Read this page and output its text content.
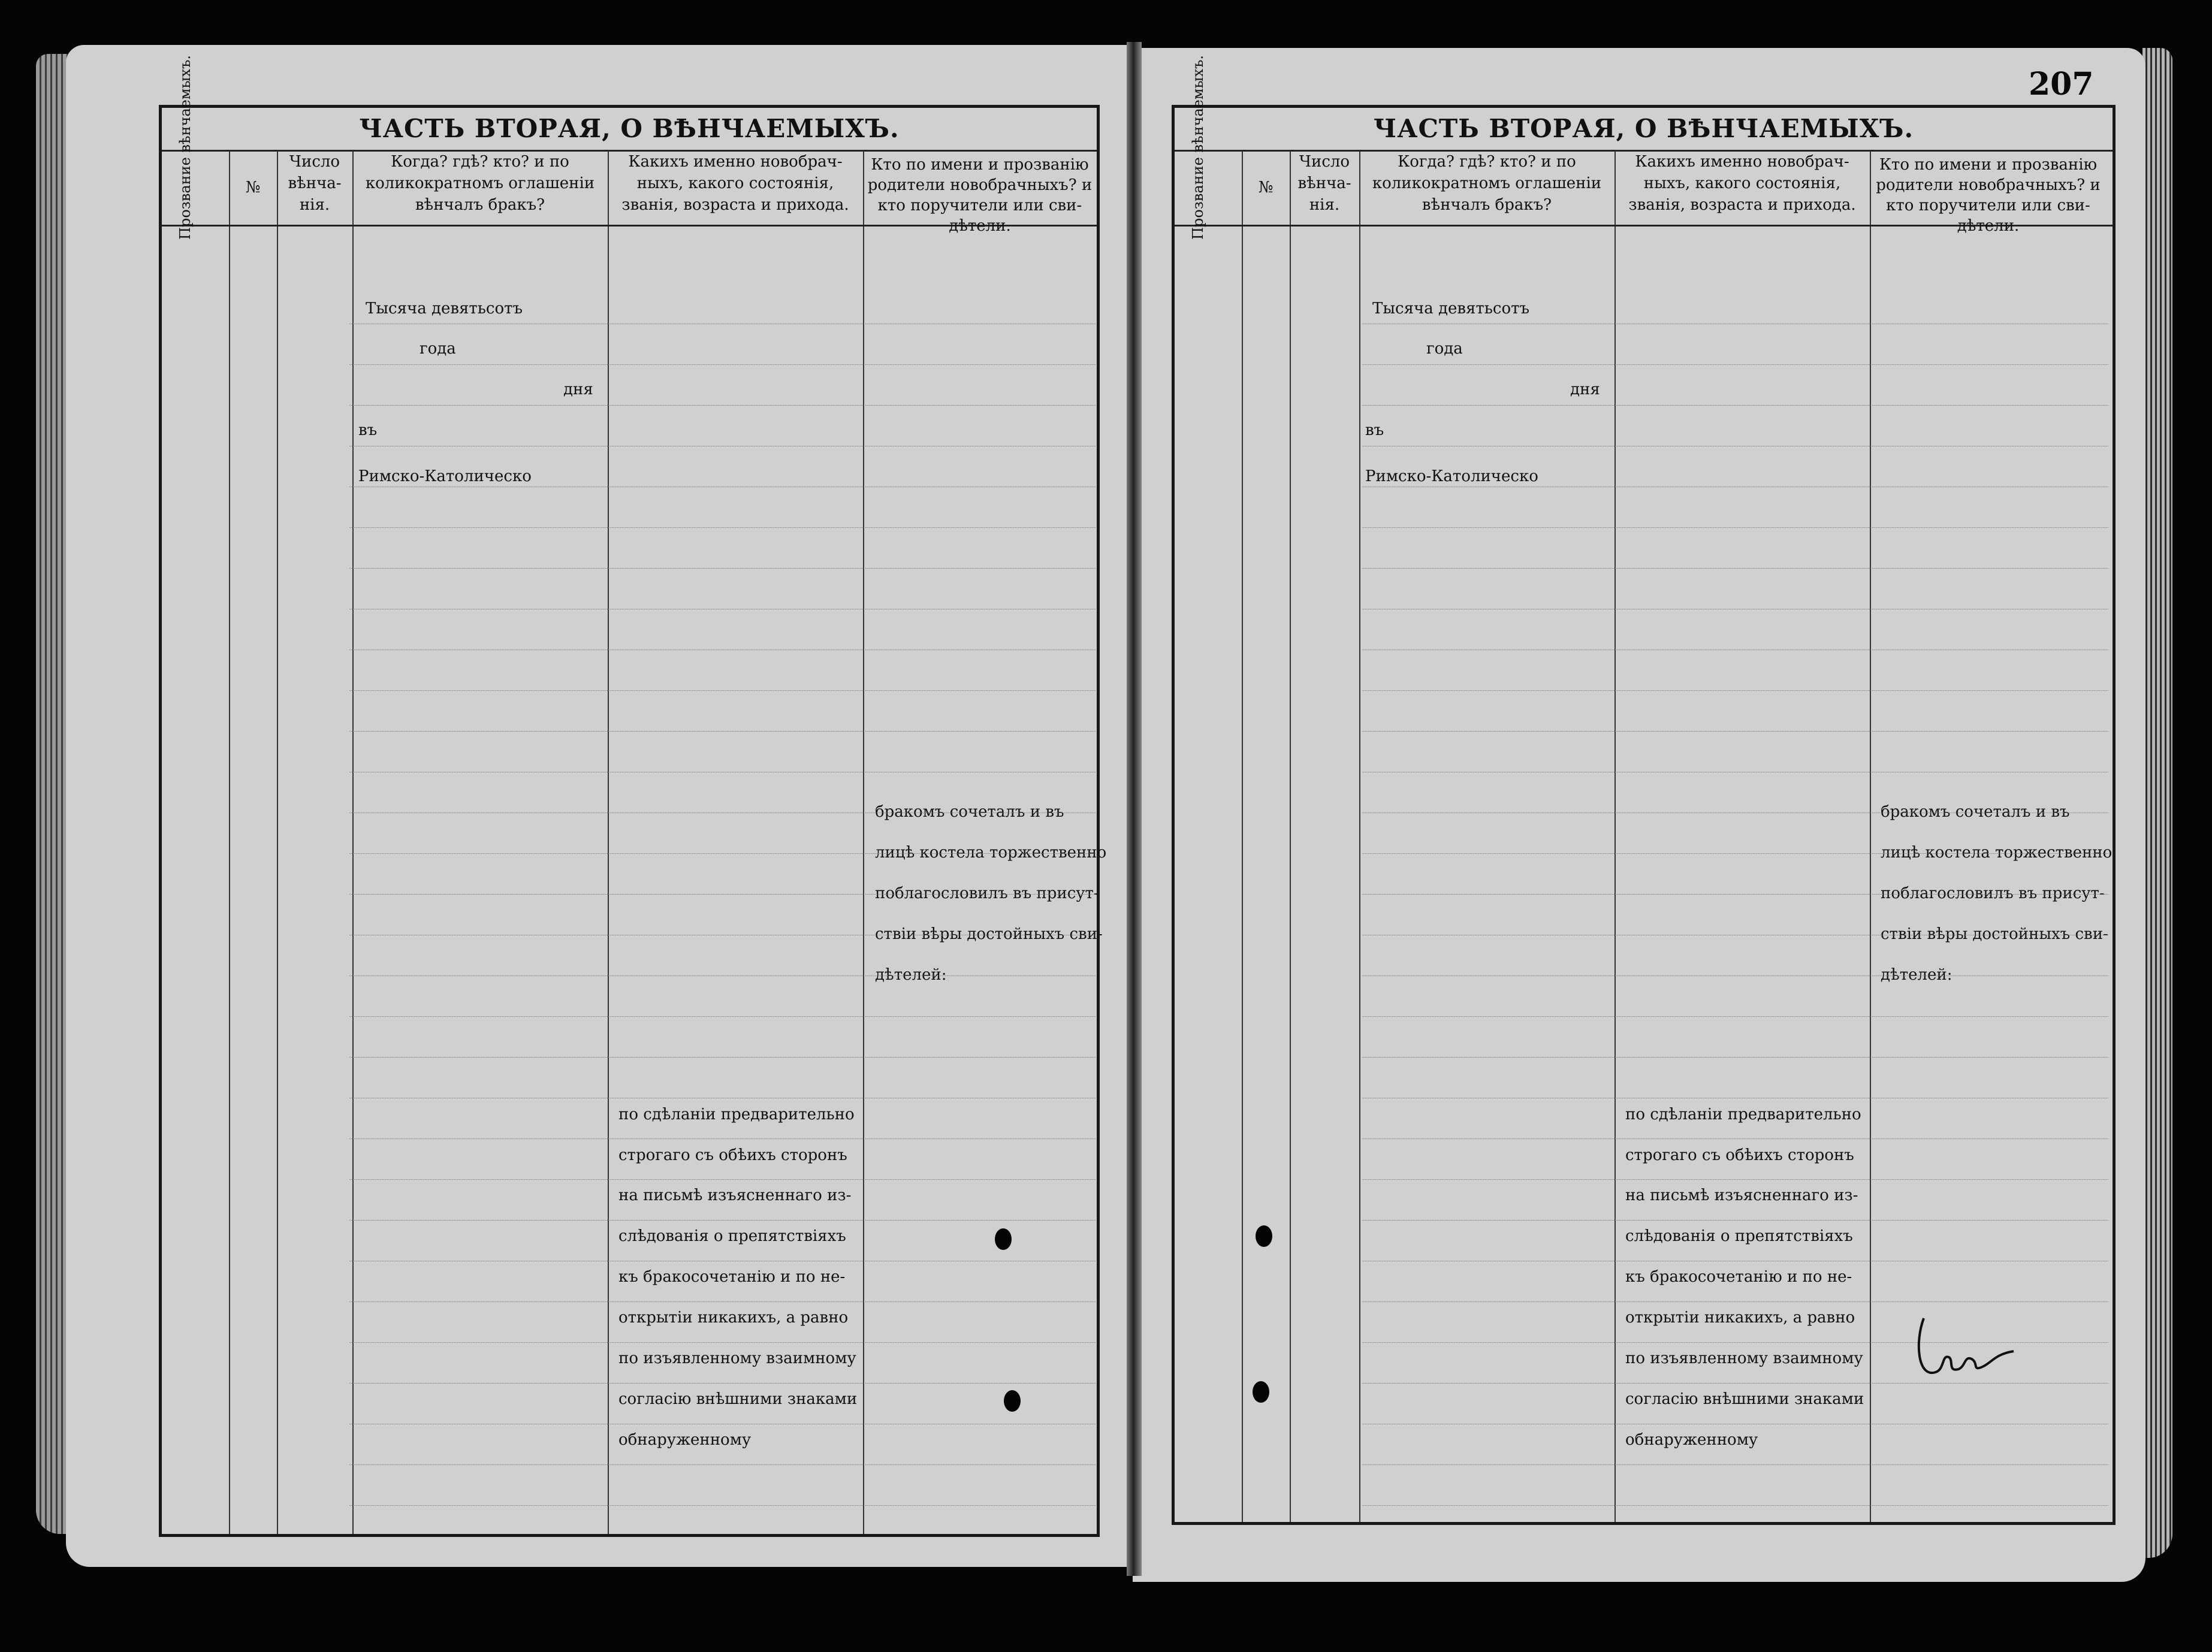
207
ЧАСТЬ ВТОРАЯ, О ВѢНЧАЕМЫХЪ.
Прозвание вѣнчаемыхъ.	№
Число
вѣнча-
нія.
Когда? гдѣ? кто? и по
коликократномъ оглашеніи
вѣнчалъ бракъ?
Какихъ именно новобрач-
ныхъ, какого состоянія,
званія, возраста и прихода.
Кто по имени и прозванію
родители новобрачныхъ? и
кто поручители или сви-
дѣтели.
Тысяча девятьсотъ
года
дня
въ
Римско-Католическо
бракомъ сочеталъ и въ
лицѣ костела торжественно
поблагословилъ въ присут-
ствіи вѣры достойныхъ сви-
дѣтелей:
по сдѣланіи предварительно
строгаго съ обѣихъ сторонъ
на письмѣ изъясненнаго из-
слѣдованія о препятствіяхъ
къ бракосочетанію и по не-
открытіи никакихъ, а равно
по изъявленному взаимному
согласію внѣшними знаками
обнаруженному
ЧАСТЬ ВТОРАЯ, О ВѢНЧАЕМЫХЪ.
Прозвание вѣнчаемыхъ.	№
Число
вѣнча-
нія.
Когда? гдѣ? кто? и по
коликократномъ оглашеніи
вѣнчалъ бракъ?
Какихъ именно новобрач-
ныхъ, какого состоянія,
званія, возраста и прихода.
Кто по имени и прозванію
родители новобрачныхъ? и
кто поручители или сви-
дѣтели.
Тысяча девятьсотъ
года
дня
въ
Римско-Католическо
бракомъ сочеталъ и въ
лицѣ костела торжественно
поблагословилъ въ присут-
ствіи вѣры достойныхъ сви-
дѣтелей:
по сдѣланіи предварительно
строгаго съ обѣихъ сторонъ
на письмѣ изъясненнаго из-
слѣдованія о препятствіяхъ
къ бракосочетанію и по не-
открытіи никакихъ, а равно
по изъявленному взаимному
согласію внѣшними знаками
обнаруженному
